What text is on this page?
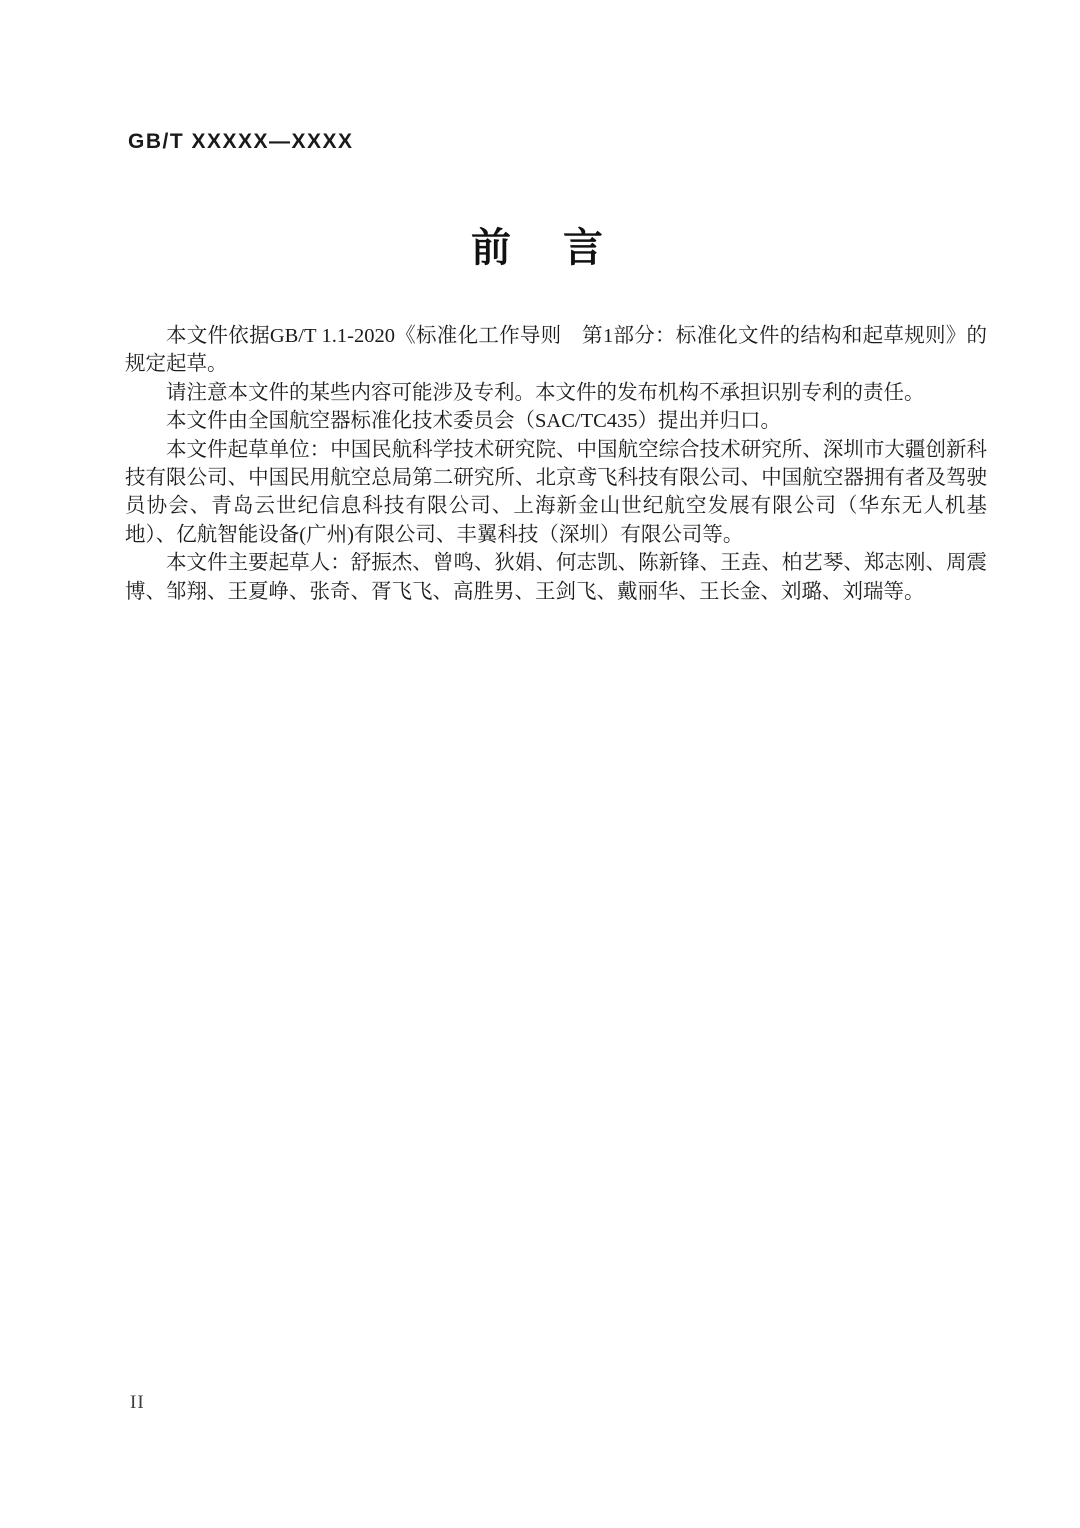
GB/T XXXXX—XXXX
前　言

本文件依据GB/T 1.1-2020《标准化工作导则　第1部分：标准化文件的结构和起草规则》的规定起草。

请注意本文件的某些内容可能涉及专利。本文件的发布机构不承担识别专利的责任。

本文件由全国航空器标准化技术委员会（SAC/TC435）提出并归口。

本文件起草单位：中国民航科学技术研究院、中国航空综合技术研究所、深圳市大疆创新科技有限公司、中国民用航空总局第二研究所、北京鸢飞科技有限公司、中国航空器拥有者及驾驶员协会、青岛云世纪信息科技有限公司、上海新金山世纪航空发展有限公司（华东无人机基地）、亿航智能设备(广州)有限公司、丰翼科技（深圳）有限公司等。

本文件主要起草人：舒振杰、曾鸣、狄娟、何志凯、陈新锋、王垚、柏艺琴、郑志刚、周震博、邹翔、王夏峥、张奇、胥飞飞、高胜男、王剑飞、戴丽华、王长金、刘璐、刘瑞等。

II
